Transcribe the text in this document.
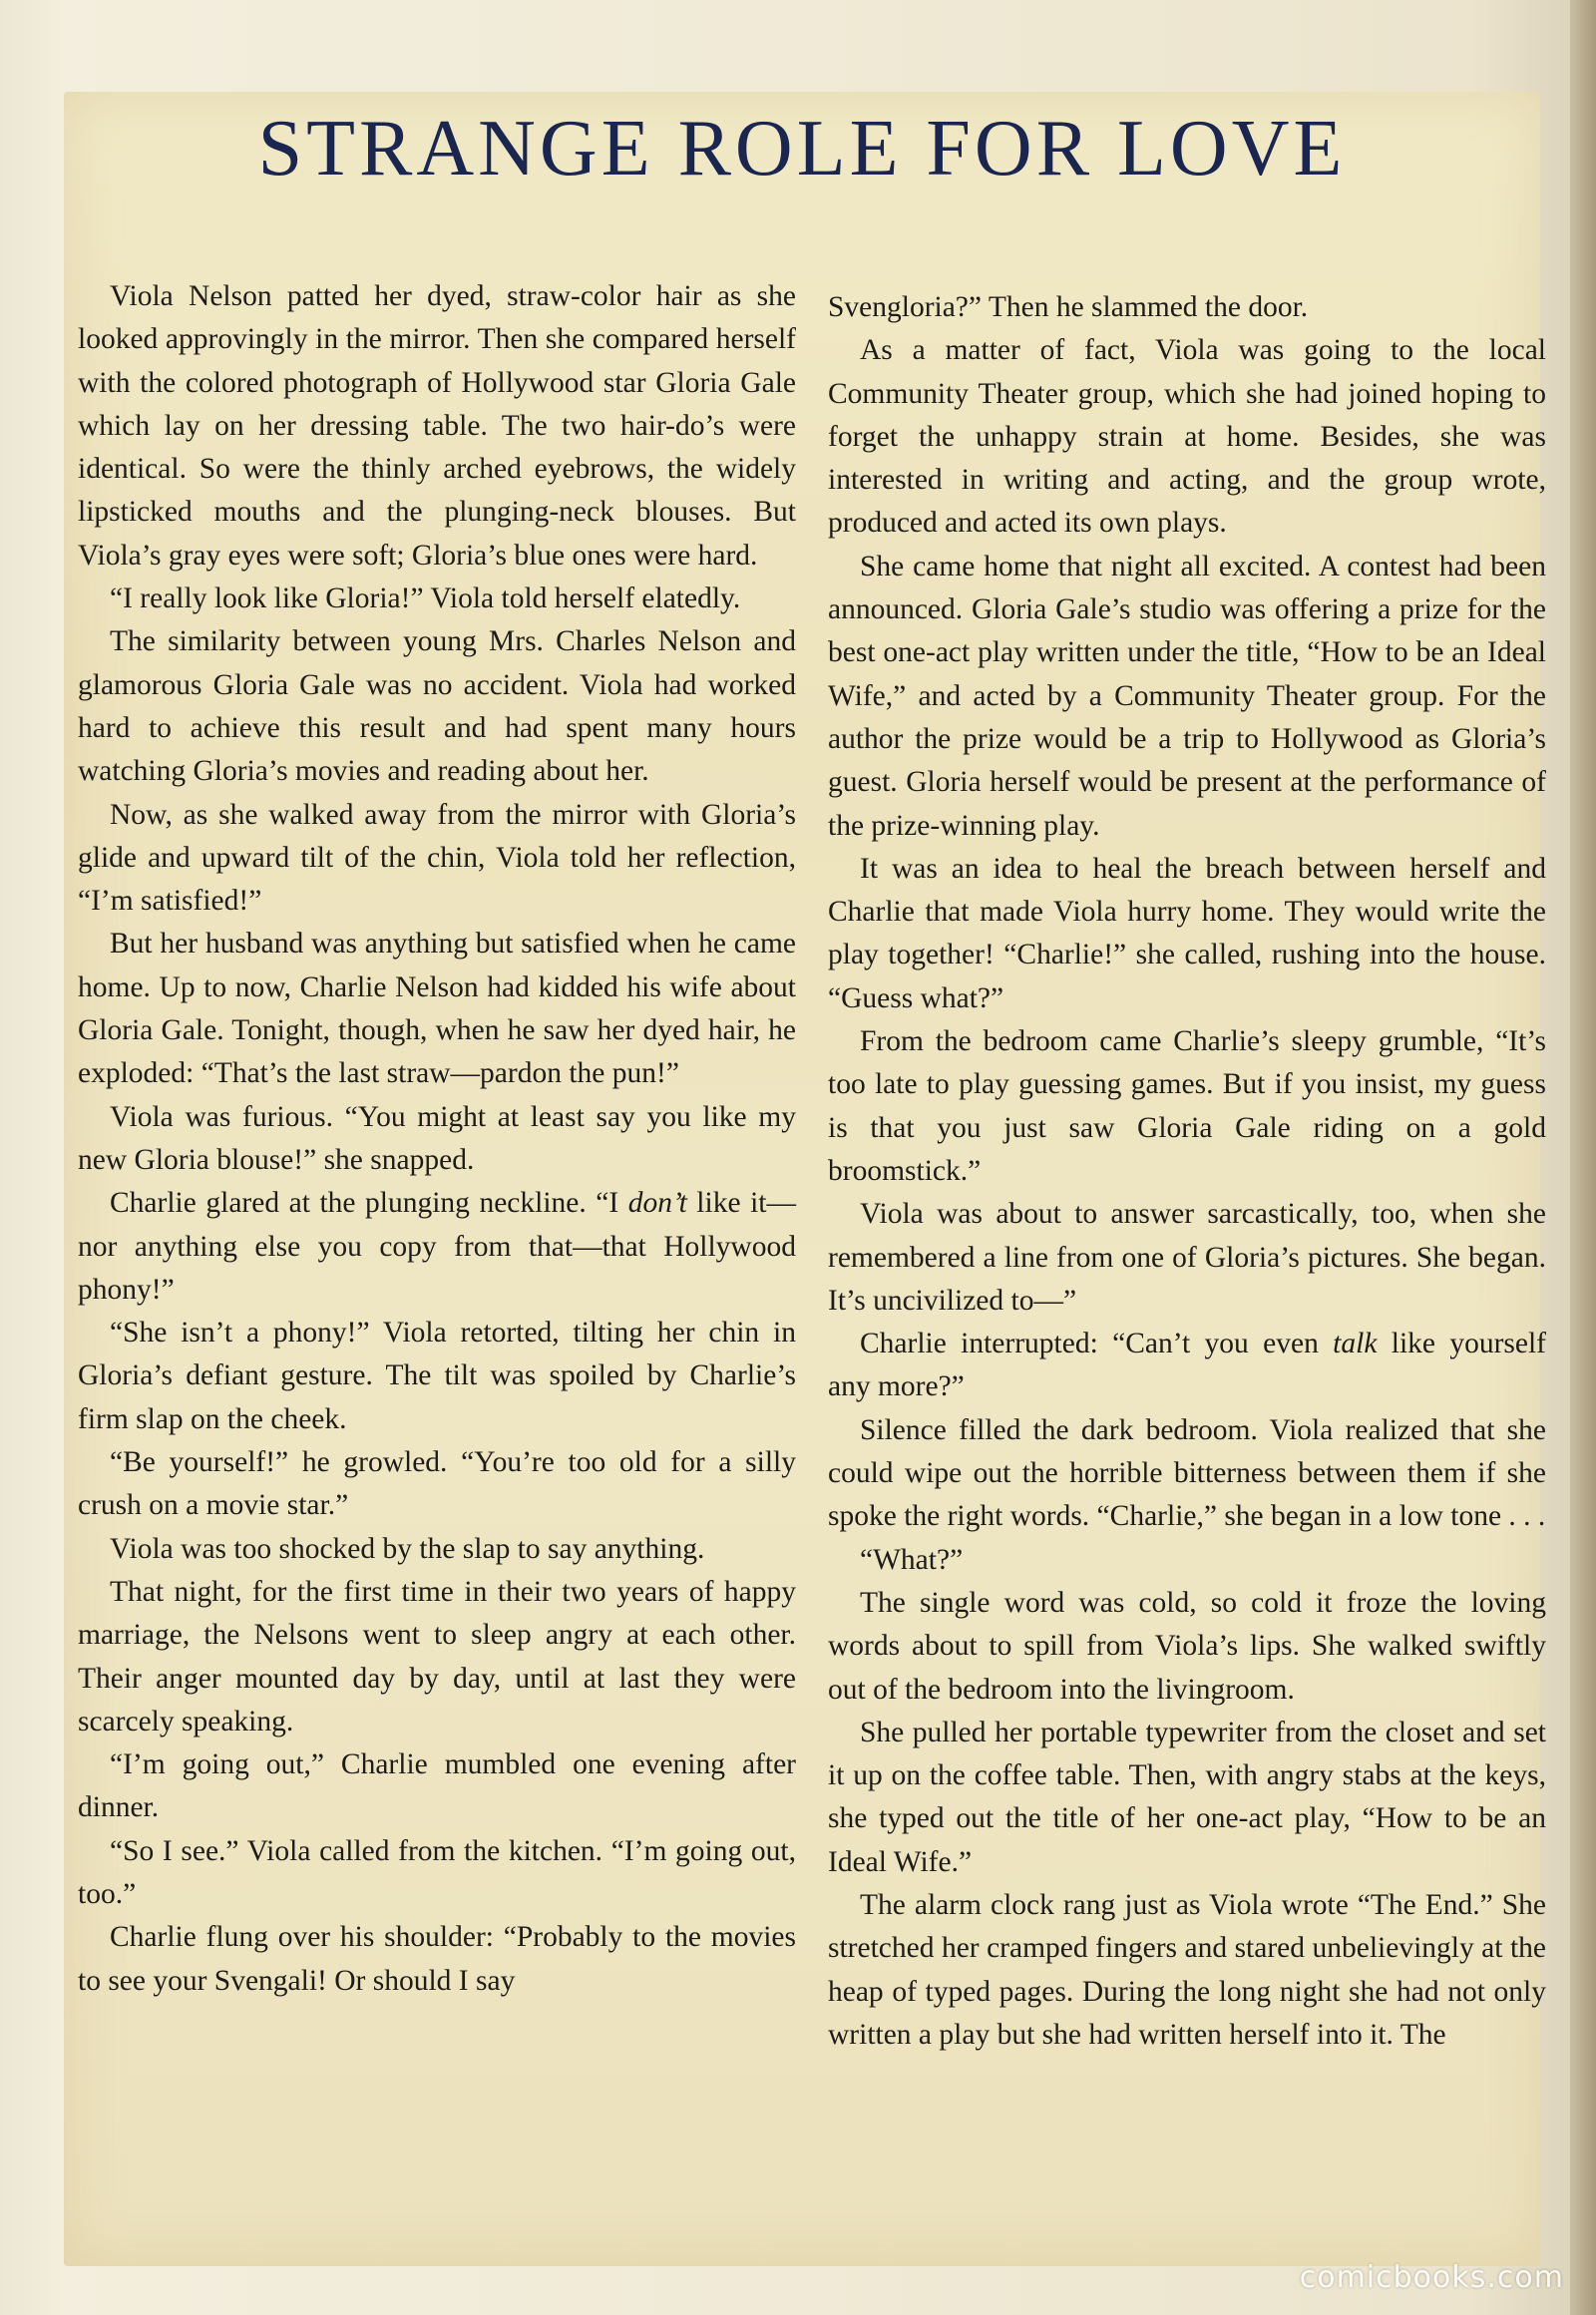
STRANGE ROLE FOR LOVE

Viola Nelson patted her dyed, straw-color hair as she looked approvingly in the mirror. Then she compared herself with the colored photograph of Hollywood star Gloria Gale which lay on her dressing table. The two hair-do’s were identical. So were the thinly arched eyebrows, the widely lipsticked mouths and the plunging-neck blouses. But Viola’s gray eyes were soft; Gloria’s blue ones were hard.

“I really look like Gloria!” Viola told herself elatedly.

The similarity between young Mrs. Charles Nelson and glamorous Gloria Gale was no accident. Viola had worked hard to achieve this result and had spent many hours watching Gloria’s movies and reading about her.

Now, as she walked away from the mirror with Gloria’s glide and upward tilt of the chin, Viola told her reflection, “I’m satisfied!”

But her husband was anything but satisfied when he came home. Up to now, Charlie Nelson had kidded his wife about Gloria Gale. Tonight, though, when he saw her dyed hair, he exploded: “That’s the last straw—pardon the pun!”

Viola was furious. “You might at least say you like my new Gloria blouse!” she snapped.

Charlie glared at the plunging neckline. “I don’t like it—nor anything else you copy from that—that Hollywood phony!”

“She isn’t a phony!” Viola retorted, tilting her chin in Gloria’s defiant gesture. The tilt was spoiled by Charlie’s firm slap on the cheek.

“Be yourself!” he growled. “You’re too old for a silly crush on a movie star.”

Viola was too shocked by the slap to say anything.

That night, for the first time in their two years of happy marriage, the Nelsons went to sleep angry at each other. Their anger mounted day by day, until at last they were scarcely speaking.

“I’m going out,” Charlie mumbled one evening after dinner.

“So I see.” Viola called from the kitchen. “I’m going out, too.”

Charlie flung over his shoulder: “Probably to the movies to see your Svengali! Or should I say

Svengloria?” Then he slammed the door.

As a matter of fact, Viola was going to the local Community Theater group, which she had joined hoping to forget the unhappy strain at home. Besides, she was interested in writing and acting, and the group wrote, produced and acted its own plays.

She came home that night all excited. A contest had been announced. Gloria Gale’s studio was offering a prize for the best one-act play written under the title, “How to be an Ideal Wife,” and acted by a Community Theater group. For the author the prize would be a trip to Hollywood as Gloria’s guest. Gloria herself would be present at the performance of the prize-winning play.

It was an idea to heal the breach between herself and Charlie that made Viola hurry home. They would write the play together! “Charlie!” she called, rushing into the house. “Guess what?”

From the bedroom came Charlie’s sleepy grumble, “It’s too late to play guessing games. But if you insist, my guess is that you just saw Gloria Gale riding on a gold broomstick.”

Viola was about to answer sarcastically, too, when she remembered a line from one of Gloria’s pictures. She began. It’s uncivilized to—”

Charlie interrupted: “Can’t you even talk like yourself any more?”

Silence filled the dark bedroom. Viola realized that she could wipe out the horrible bitterness between them if she spoke the right words. “Charlie,” she began in a low tone . . .

“What?”

The single word was cold, so cold it froze the loving words about to spill from Viola’s lips. She walked swiftly out of the bedroom into the livingroom.

She pulled her portable typewriter from the closet and set it up on the coffee table. Then, with angry stabs at the keys, she typed out the title of her one-act play, “How to be an Ideal Wife.”

The alarm clock rang just as Viola wrote “The End.” She stretched her cramped fingers and stared unbelievingly at the heap of typed pages. During the long night she had not only written a play but she had written herself into it. The

comicbooks.com
